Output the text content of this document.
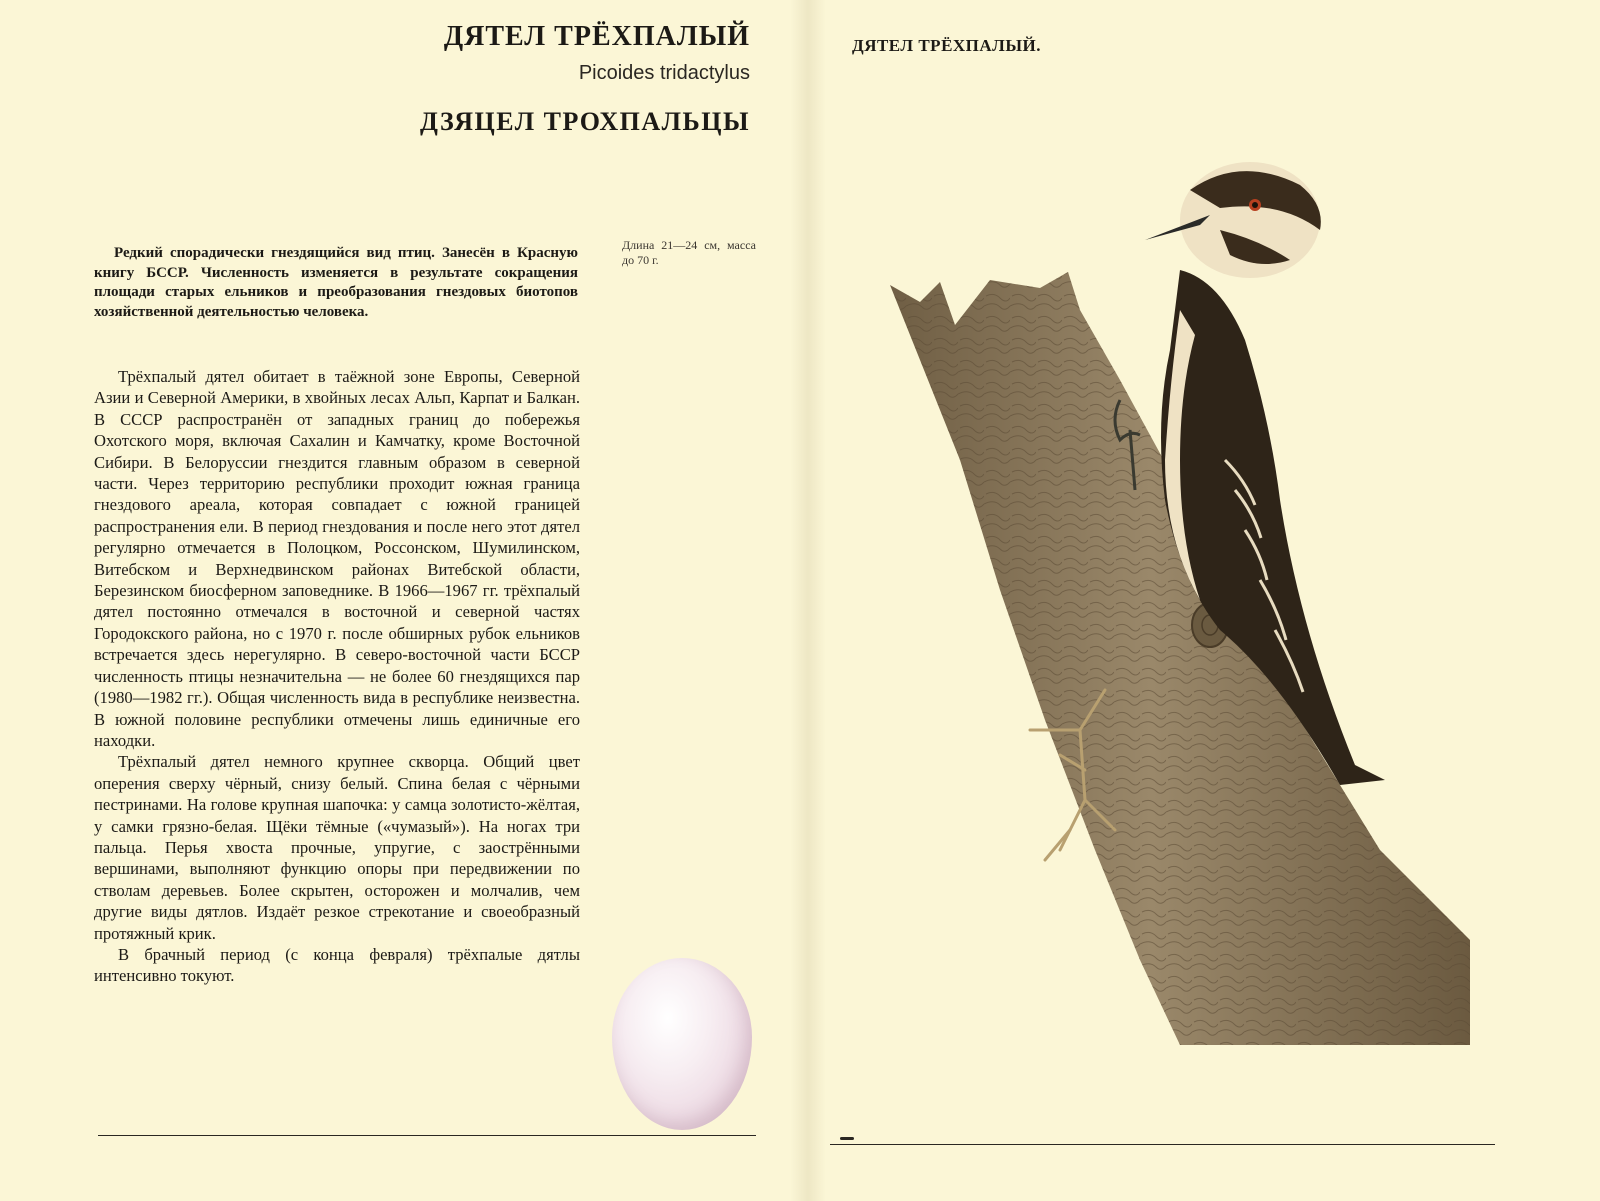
ДЯТЕЛ ТРЁХПАЛЫЙ

Picoides tridactylus

ДЗЯЦЕЛ ТРОХПАЛЬЦЫ
Редкий спорадически гнездящийся вид птиц. Занесён в Красную книгу БССР. Численность изменяется в результате сокращения площади старых ельников и преобразования гнездовых биотопов хозяйственной деятельностью человека.
Длина 21—24 см, масса до 70 г.

Трёхпалый дятел обитает в таёжной зоне Европы, Северной Азии и Северной Америки, в хвойных лесах Альп, Карпат и Балкан. В СССР распространён от западных границ до побережья Охотского моря, включая Сахалин и Камчатку, кроме Восточной Сибири. В Белоруссии гнездится главным образом в северной части. Через территорию республики проходит южная граница гнездового ареала, которая совпадает с южной границей распространения ели. В период гнездования и после него этот дятел регулярно отмечается в Полоцком, Россонском, Шумилинском, Витебском и Верхнедвинском районах Витебской области, Березинском биосферном заповеднике. В 1966—1967 гг. трёхпалый дятел постоянно отмечался в восточной и северной частях Городокского района, но с 1970 г. после обширных рубок ельников встречается здесь нерегулярно. В северо-восточной части БССР численность птицы незначительна — не более 60 гнездящихся пар (1980—1982 гг.). Общая численность вида в республике неизвестна. В южной половине республики отмечены лишь единичные его находки.

Трёхпалый дятел немного крупнее скворца. Общий цвет оперения сверху чёрный, снизу белый. Спина белая с чёрными пестринами. На голове крупная шапочка: у самца золотисто-жёлтая, у самки грязно-белая. Щёки тёмные («чумазый»). На ногах три пальца. Перья хвоста прочные, упругие, с заострёнными вершинами, выполняют функцию опоры при передвижении по стволам деревьев. Более скрытен, осторожен и молчалив, чем другие виды дятлов. Издаёт резкое стрекотание и своеобразный протяжный крик.

В брачный период (с конца февраля) трёхпалые дятлы интенсивно токуют.

ДЯТЕЛ ТРЁХПАЛЫЙ.
